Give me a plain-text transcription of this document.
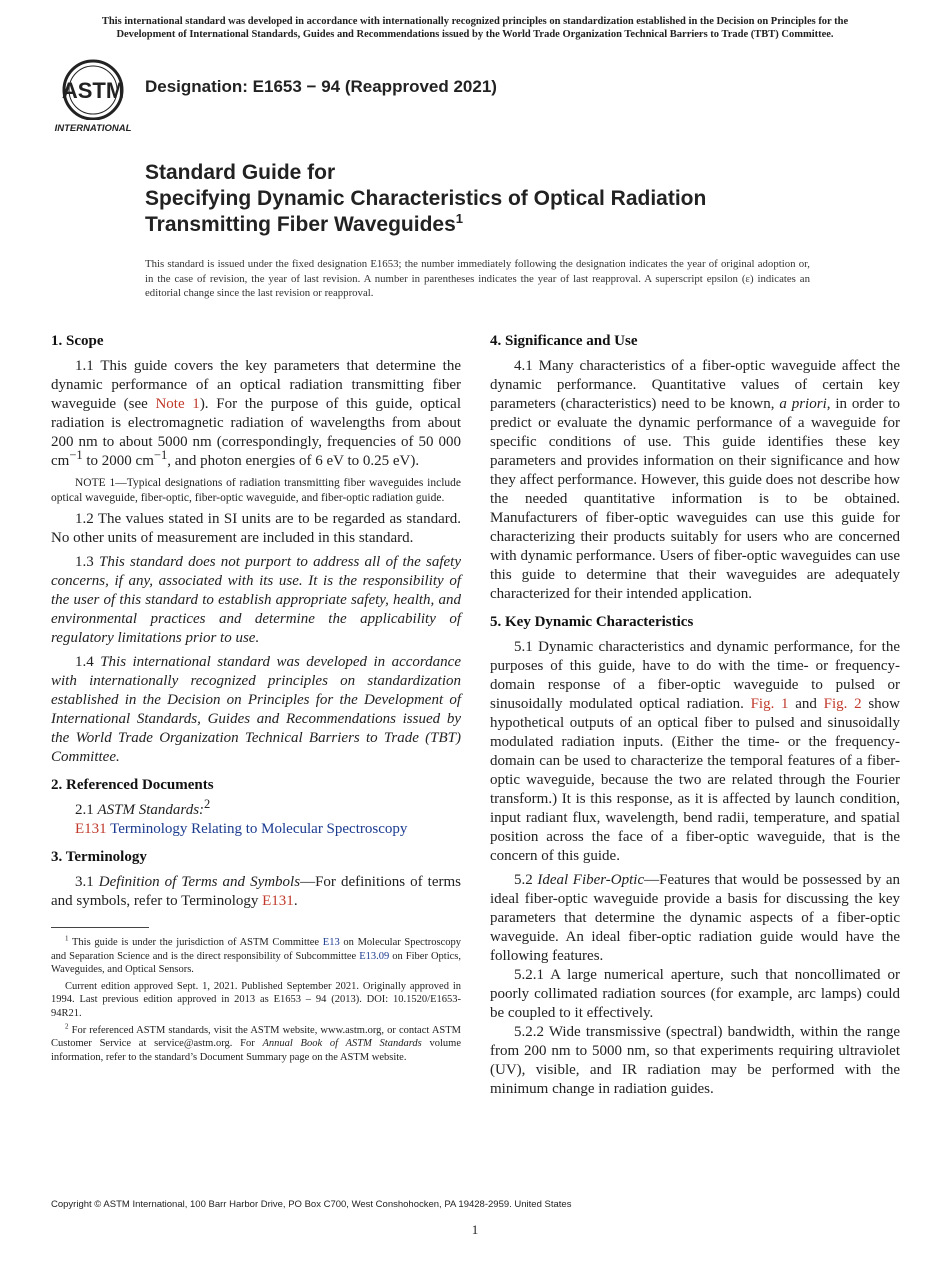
This international standard was developed in accordance with internationally recognized principles on standardization established in the Decision on Principles for the
Development of International Standards, Guides and Recommendations issued by the World Trade Organization Technical Barriers to Trade (TBT) Committee.
ASTM
INTERNATIONAL
Designation: E1653 − 94 (Reapproved 2021)
Standard Guide for
Specifying Dynamic Characteristics of Optical Radiation
Transmitting Fiber Waveguides$^1$
This standard is issued under the fixed designation E1653; the number immediately following the designation indicates the year of original adoption or, in the case of revision, the year of last revision. A number in parentheses indicates the year of last reapproval. A superscript epsilon (ε) indicates an editorial change since the last revision or reapproval.
1. Scope

1.1 This guide covers the key parameters that determine the dynamic performance of an optical radiation transmitting fiber waveguide (see Note 1). For the purpose of this guide, optical radiation is electromagnetic radiation of wavelengths from about 200 nm to about 5000 nm (correspondingly, frequencies of 50 000 $cm^{-1}$ to 2000 $cm^{-1}$, and photon energies of 6 eV to 0.25 eV).

NOTE 1—Typical designations of radiation transmitting fiber waveguides include optical waveguide, fiber-optic, fiber-optic waveguide, and fiber-optic radiation guide.

1.2 The values stated in SI units are to be regarded as standard. No other units of measurement are included in this standard.

1.3 This standard does not purport to address all of the safety concerns, if any, associated with its use. It is the responsibility of the user of this standard to establish appropriate safety, health, and environmental practices and determine the applicability of regulatory limitations prior to use.

1.4 This international standard was developed in accordance with internationally recognized principles on standardization established in the Decision on Principles for the Development of International Standards, Guides and Recommendations issued by the World Trade Organization Technical Barriers to Trade (TBT) Committee.

2. Referenced Documents

2.1 ASTM Standards:$^2$

E131 Terminology Relating to Molecular Spectroscopy

3. Terminology

3.1 Definition of Terms and Symbols—For definitions of terms and symbols, refer to Terminology E131.

$^1$ This guide is under the jurisdiction of ASTM Committee E13 on Molecular Spectroscopy and Separation Science and is the direct responsibility of Subcommittee E13.09 on Fiber Optics, Waveguides, and Optical Sensors.

Current edition approved Sept. 1, 2021. Published September 2021. Originally approved in 1994. Last previous edition approved in 2013 as E1653 – 94 (2013). DOI: 10.1520/E1653-94R21.

$^2$ For referenced ASTM standards, visit the ASTM website, www.astm.org, or contact ASTM Customer Service at service@astm.org. For Annual Book of ASTM Standards volume information, refer to the standard’s Document Summary page on the ASTM website.

4. Significance and Use

4.1 Many characteristics of a fiber-optic waveguide affect the dynamic performance. Quantitative values of certain key parameters (characteristics) need to be known, a priori, in order to predict or evaluate the dynamic performance of a waveguide for specific conditions of use. This guide identifies these key parameters and provides information on their significance and how they affect performance. However, this guide does not describe how the needed quantitative information is to be obtained. Manufacturers of fiber-optic waveguides can use this guide for characterizing their products suitably for users who are concerned with dynamic performance. Users of fiber-optic waveguides can use this guide to determine that their waveguides are adequately characterized for their intended application.

5. Key Dynamic Characteristics

5.1 Dynamic characteristics and dynamic performance, for the purposes of this guide, have to do with the time- or frequency-domain response of a fiber-optic waveguide to pulsed or sinusoidally modulated optical radiation. Fig. 1 and Fig. 2 show hypothetical outputs of an optical fiber to pulsed and sinusoidally modulated radiation inputs. (Either the time- or the frequency-domain can be used to characterize the temporal features of a fiber-optic waveguide, because the two are related through the Fourier transform.) It is this response, as it is affected by launch condition, input radiant flux, wavelength, bend radii, temperature, and spatial position across the face of a fiber-optic waveguide, that is the concern of this guide.

5.2 Ideal Fiber-Optic—Features that would be possessed by an ideal fiber-optic waveguide provide a basis for discussing the key parameters that determine the dynamic aspects of a fiber-optic waveguide. An ideal fiber-optic radiation guide would have the following features.

5.2.1 A large numerical aperture, such that noncollimated or poorly collimated radiation sources (for example, arc lamps) could be coupled to it effectively.

5.2.2 Wide transmissive (spectral) bandwidth, within the range from 200 nm to 5000 nm, so that experiments requiring ultraviolet (UV), visible, and IR radiation may be performed with the minimum change in radiation guides.

Copyright © ASTM International, 100 Barr Harbor Drive, PO Box C700, West Conshohocken, PA 19428-2959. United States
1
